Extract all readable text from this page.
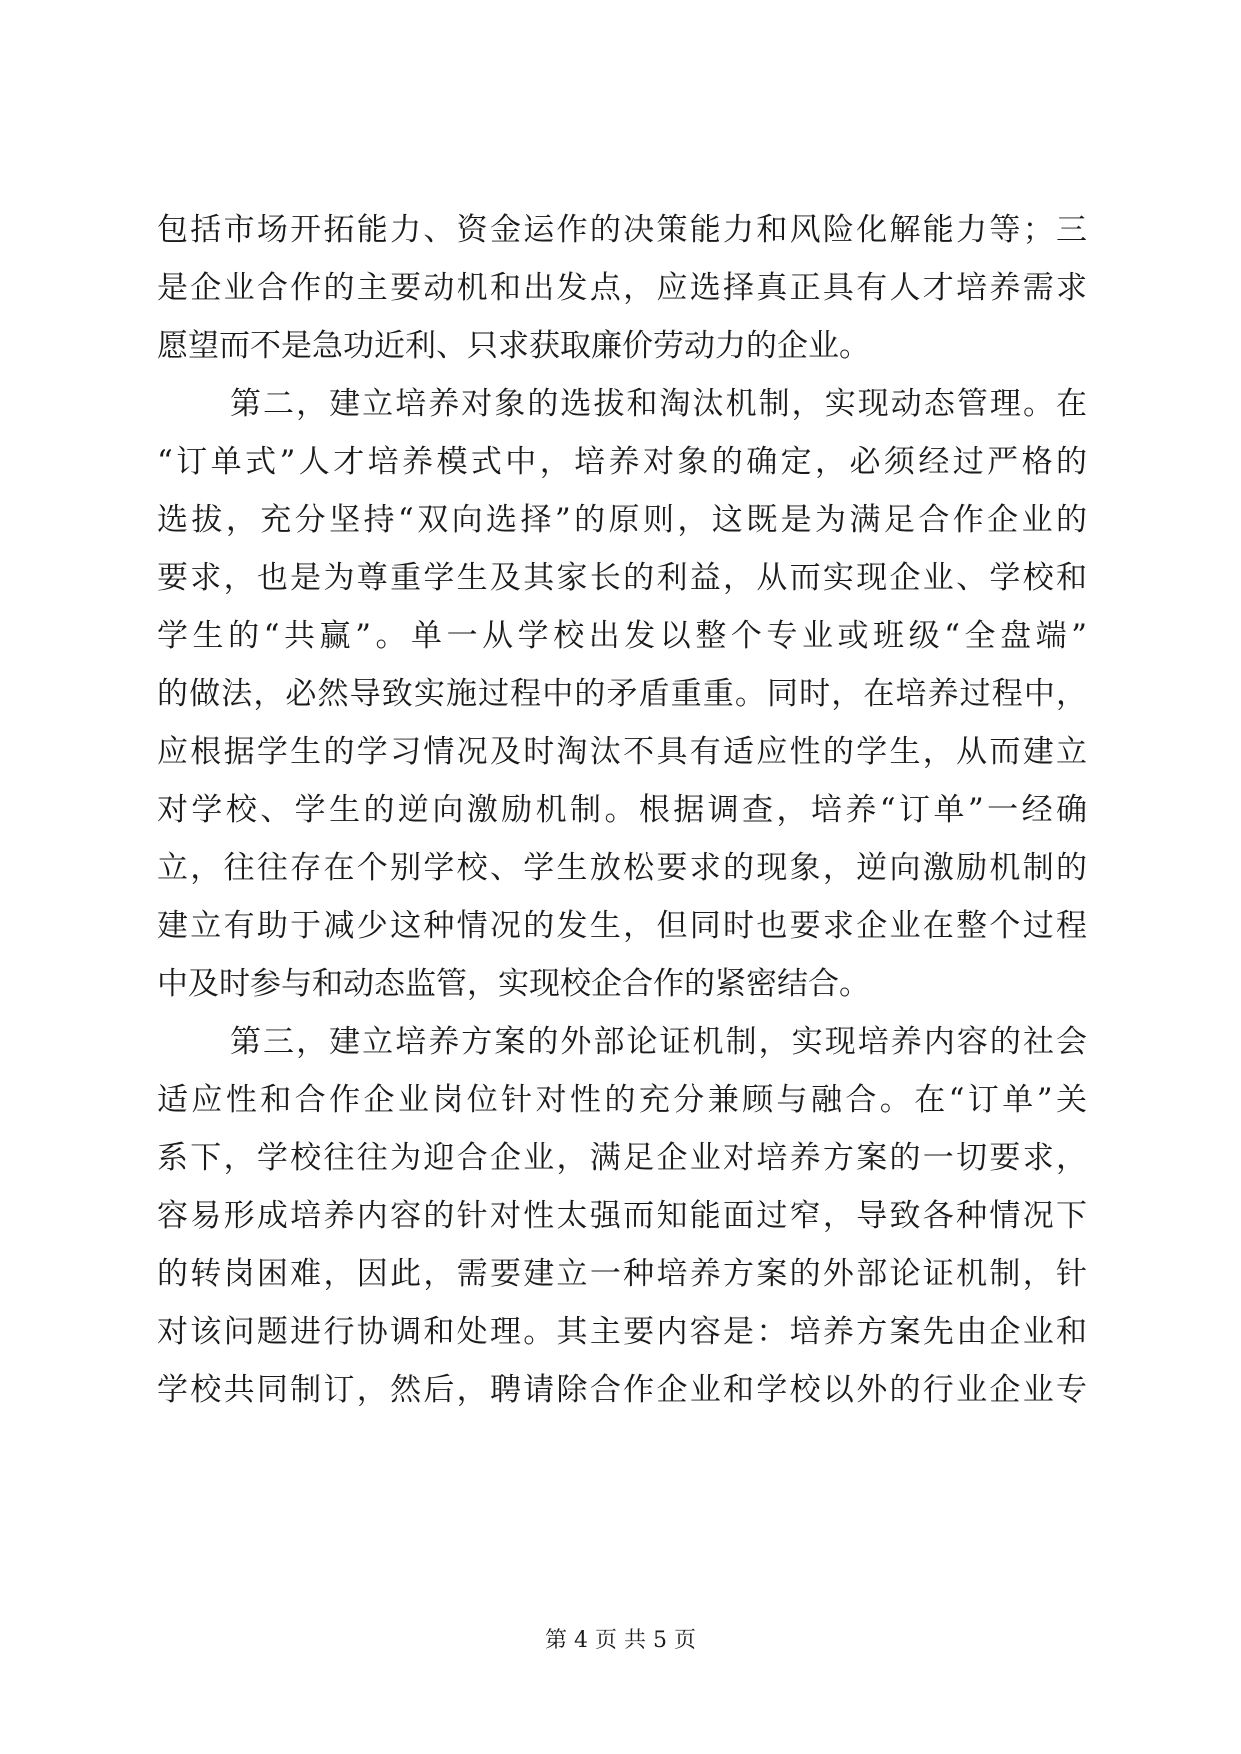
包括市场开拓能力、资金运作的决策能力和风险化解能力等；三
是企业合作的主要动机和出发点，应选择真正具有人才培养需求
愿望而不是急功近利、只求获取廉价劳动力的企业。
第二，建立培养对象的选拔和淘汰机制，实现动态管理。在
“订单式”人才培养模式中，培养对象的确定，必须经过严格的
选拔，充分坚持“双向选择”的原则，这既是为满足合作企业的
要求，也是为尊重学生及其家长的利益，从而实现企业、学校和
学生的“共赢”。单一从学校出发以整个专业或班级“全盘端”
的做法，必然导致实施过程中的矛盾重重。同时，在培养过程中，
应根据学生的学习情况及时淘汰不具有适应性的学生，从而建立
对学校、学生的逆向激励机制。根据调查，培养“订单”一经确
立，往往存在个别学校、学生放松要求的现象，逆向激励机制的
建立有助于减少这种情况的发生，但同时也要求企业在整个过程
中及时参与和动态监管，实现校企合作的紧密结合。
第三，建立培养方案的外部论证机制，实现培养内容的社会
适应性和合作企业岗位针对性的充分兼顾与融合。在“订单”关
系下，学校往往为迎合企业，满足企业对培养方案的一切要求，
容易形成培养内容的针对性太强而知能面过窄，导致各种情况下
的转岗困难，因此，需要建立一种培养方案的外部论证机制，针
对该问题进行协调和处理。其主要内容是：培养方案先由企业和
学校共同制订，然后，聘请除合作企业和学校以外的行业企业专
第 4 页 共 5 页
